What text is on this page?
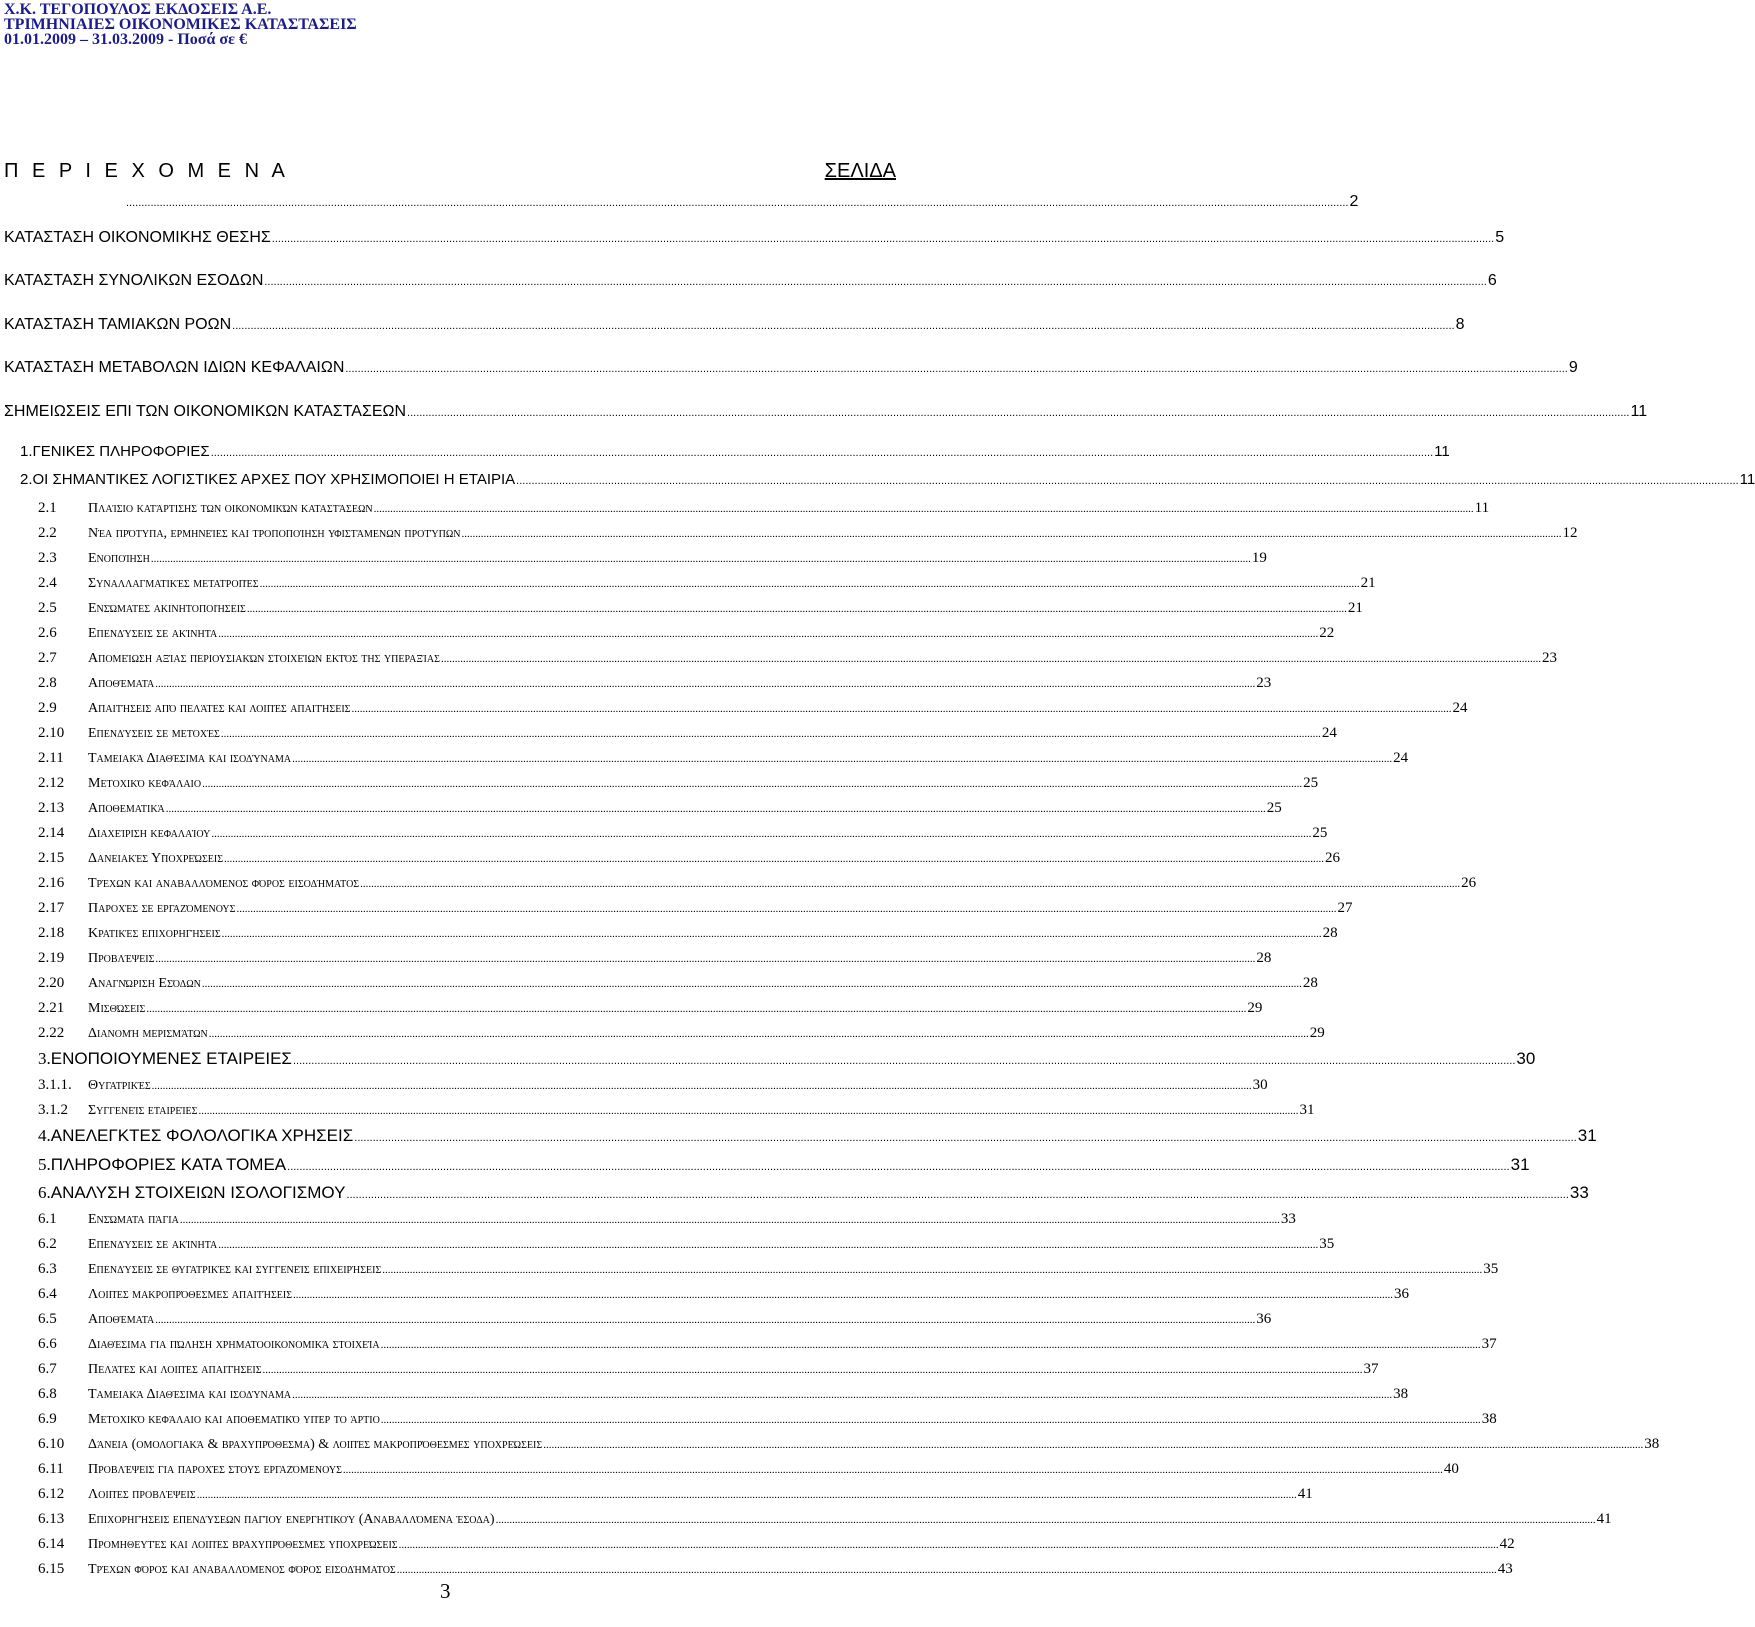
Χ.Κ. ΤΕΓΟΠΟΥΛΟΣ ΕΚΔΟΣΕΙΣ Α.Ε.
ΤΡΙΜΗΝΙΑΙΕΣ ΟΙΚΟΝΟΜΙΚΕΣ ΚΑΤΑΣΤΑΣΕΙΣ
01.01.2009 – 31.03.2009 - Ποσά σε €
Π Ε Ρ Ι Ε Χ Ο Μ Ε Ν Α	ΣΕΛΙΔΑ
................................................................................................................................................................................................................................................................................................................................................................................................................ 2
ΚΑΤΑΣΤΑΣΗ ΟΙΚΟΝΟΜΙΚΗΣ ΘΕΣΗΣ ................................................................................................................................................................................................................................................................................................................................................................................................................ 5
ΚΑΤΑΣΤΑΣΗ ΣΥΝΟΛΙΚΩΝ ΕΣΟΔΩΝ ................................................................................................................................................................................................................................................................................................................................................................................................................ 6
ΚΑΤΑΣΤΑΣΗ ΤΑΜΙΑΚΩΝ ΡΟΩΝ ................................................................................................................................................................................................................................................................................................................................................................................................................ 8
ΚΑΤΑΣΤΑΣΗ ΜΕΤΑΒΟΛΩΝ ΙΔΙΩΝ ΚΕΦΑΛΑΙΩΝ ................................................................................................................................................................................................................................................................................................................................................................................................................ 9
ΣΗΜΕΙΩΣΕΙΣ ΕΠΙ ΤΩΝ ΟΙΚΟΝΟΜΙΚΩΝ ΚΑΤΑΣΤΑΣΕΩΝ ................................................................................................................................................................................................................................................................................................................................................................................................................ 11
1. ΓΕΝΙΚΕΣ ΠΛΗΡΟΦΟΡΙΕΣ ................................................................................................................................................................................................................................................................................................................................................................................................................ 11
2. ΟΙ ΣΗΜΑΝΤΙΚΕΣ ΛΟΓΙΣΤΙΚΕΣ ΑΡΧΕΣ ΠΟΥ ΧΡΗΣΙΜΟΠΟΙΕΙ Η ΕΤΑΙΡΙΑ ................................................................................................................................................................................................................................................................................................................................................................................................................ 11
2.1	Πλαίσιο κατάρτισης των οικονομικών καταστάσεων ................................................................................................................................................................................................................................................................................................................................................................................................................ 11
2.2	Νέα πρότυπα, ερμηνείες και τροποποίηση υφιστάμενων προτύπων ................................................................................................................................................................................................................................................................................................................................................................................................................ 12
2.3	Ενοποίηση ................................................................................................................................................................................................................................................................................................................................................................................................................ 19
2.4	Συναλλαγματικές μετατροπές ................................................................................................................................................................................................................................................................................................................................................................................................................ 21
2.5	Ενσώματες ακινητοποιήσεις ................................................................................................................................................................................................................................................................................................................................................................................................................ 21
2.6	Επενδύσεις σε ακίνητα ................................................................................................................................................................................................................................................................................................................................................................................................................ 22
2.7	Απομείωση αξίας περιουσιακών στοιχείων εκτός της υπεραξίας ................................................................................................................................................................................................................................................................................................................................................................................................................ 23
2.8	Αποθέματα ................................................................................................................................................................................................................................................................................................................................................................................................................ 23
2.9	Απαιτήσεις από πελάτες και λοιπές απαιτήσεις ................................................................................................................................................................................................................................................................................................................................................................................................................ 24
2.10	Επενδύσεις σε μετοχές ................................................................................................................................................................................................................................................................................................................................................................................................................ 24
2.11	Ταμειακά Διαθέσιμα και ισοδύναμα ................................................................................................................................................................................................................................................................................................................................................................................................................ 24
2.12	Μετοχικό κεφάλαιο ................................................................................................................................................................................................................................................................................................................................................................................................................ 25
2.13	Αποθεματικά ................................................................................................................................................................................................................................................................................................................................................................................................................ 25
2.14	Διαχείριση κεφαλαίου ................................................................................................................................................................................................................................................................................................................................................................................................................ 25
2.15	Δανειακές Υποχρεώσεις ................................................................................................................................................................................................................................................................................................................................................................................................................ 26
2.16	Τρέχων και αναβαλλόμενος φόρος εισοδήματος ................................................................................................................................................................................................................................................................................................................................................................................................................ 26
2.17	Παροχές σε εργαζόμενους ................................................................................................................................................................................................................................................................................................................................................................................................................ 27
2.18	Κρατικές επιχορηγήσεις ................................................................................................................................................................................................................................................................................................................................................................................................................ 28
2.19	Προβλέψεις ................................................................................................................................................................................................................................................................................................................................................................................................................ 28
2.20	Αναγνώριση Εσόδων ................................................................................................................................................................................................................................................................................................................................................................................................................ 28
2.21	Μισθώσεις ................................................................................................................................................................................................................................................................................................................................................................................................................ 29
2.22	Διανομή μερισμάτων ................................................................................................................................................................................................................................................................................................................................................................................................................ 29
3. ΕΝΟΠΟΙΟΥΜΕΝΕΣ ΕΤΑΙΡΕΙΕΣ ................................................................................................................................................................................................................................................................................................................................................................................................................ 30
3.1.1.	Θυγατρικές ................................................................................................................................................................................................................................................................................................................................................................................................................ 30
3.1.2	Συγγενείς εταιρείες ................................................................................................................................................................................................................................................................................................................................................................................................................ 31
4. ΑΝΕΛΕΓΚΤΕΣ ΦΟΛΟΛΟΓΙΚΑ ΧΡΗΣΕΙΣ ................................................................................................................................................................................................................................................................................................................................................................................................................ 31
5. ΠΛΗΡΟΦΟΡΙΕΣ ΚΑΤΑ ΤΟΜΕΑ ................................................................................................................................................................................................................................................................................................................................................................................................................ 31
6. ΑΝΑΛΥΣΗ ΣΤΟΙΧΕΙΩΝ ΙΣΟΛΟΓΙΣΜΟΥ ................................................................................................................................................................................................................................................................................................................................................................................................................ 33
6.1	Ενσώματα πάγια ................................................................................................................................................................................................................................................................................................................................................................................................................ 33
6.2	Επενδύσεις σε ακίνητα ................................................................................................................................................................................................................................................................................................................................................................................................................ 35
6.3	Επενδύσεις σε θυγατρικές και συγγενείς επιχειρήσεις ................................................................................................................................................................................................................................................................................................................................................................................................................ 35
6.4	Λοιπές μακροπρόθεσμες απαιτήσεις ................................................................................................................................................................................................................................................................................................................................................................................................................ 36
6.5	Αποθέματα ................................................................................................................................................................................................................................................................................................................................................................................................................ 36
6.6	Διαθέσιμα για πώληση χρηματοοικονομικά στοιχεία ................................................................................................................................................................................................................................................................................................................................................................................................................ 37
6.7	Πελάτες και λοιπές απαιτήσεις ................................................................................................................................................................................................................................................................................................................................................................................................................ 37
6.8	Ταμειακά Διαθέσιμα και ισοδύναμα ................................................................................................................................................................................................................................................................................................................................................................................................................ 38
6.9	Μετοχικό κεφάλαιο και αποθεματικό υπέρ το άρτιο ................................................................................................................................................................................................................................................................................................................................................................................................................ 38
6.10	Δάνεια (ομολογιακά & βραχυπρόθεσμα) & λοιπές μακροπρόθεσμες υποχρεώσεις ................................................................................................................................................................................................................................................................................................................................................................................................................ 38
6.11	Προβλέψεις για παροχές στους εργαζόμενους ................................................................................................................................................................................................................................................................................................................................................................................................................ 40
6.12	Λοιπές προβλέψεις ................................................................................................................................................................................................................................................................................................................................................................................................................ 41
6.13	Επιχορηγήσεις επενδύσεων παγίου ενεργητικού (Αναβαλλόμενα έσοδα) ................................................................................................................................................................................................................................................................................................................................................................................................................ 41
6.14	Προμηθευτές και λοιπές βραχυπρόθεσμες υποχρεώσεις ................................................................................................................................................................................................................................................................................................................................................................................................................ 42
6.15	Τρέχων φόρος και αναβαλλόμενος φόρος εισοδήματος ................................................................................................................................................................................................................................................................................................................................................................................................................ 43
3
